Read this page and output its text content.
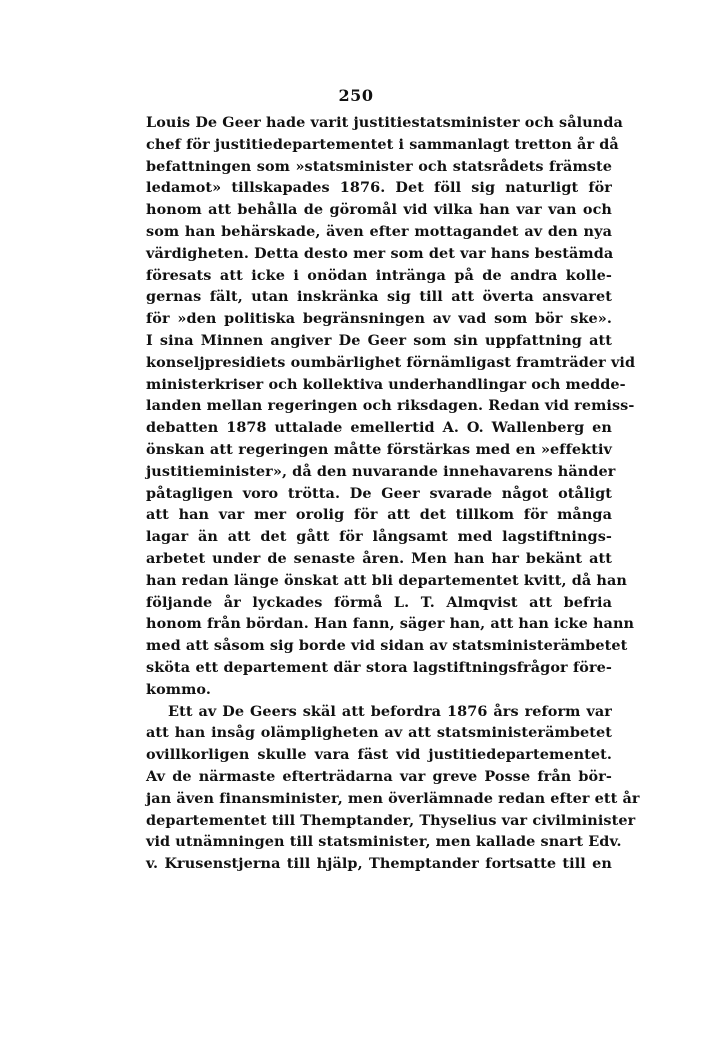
250
Louis De Geer hade varit justitiestatsminister och sålunda
chef för justitiedepartementet i sammanlagt tretton år då
befattningen som »statsminister och statsrådets främste
ledamot» tillskapades 1876. Det föll sig naturligt för
honom att behålla de göromål vid vilka han var van och
som han behärskade, även efter mottagandet av den nya
värdigheten. Detta desto mer som det var hans bestämda
föresats att icke i onödan intränga på de andra kolle-
gernas fält, utan inskränka sig till att överta ansvaret
för »den politiska begränsningen av vad som bör ske».
I sina Minnen angiver De Geer som sin uppfattning att
konseljpresidiets oumbärlighet förnämligast framträder vid
ministerkriser och kollektiva underhandlingar och medde-
landen mellan regeringen och riksdagen. Redan vid remiss-
debatten 1878 uttalade emellertid A. O. Wallenberg en
önskan att regeringen måtte förstärkas med en »effektiv
justitieminister», då den nuvarande innehavarens händer
påtagligen voro trötta. De Geer svarade något otåligt
att han var mer orolig för att det tillkom för många
lagar än att det gått för långsamt med lagstiftnings-
arbetet under de senaste åren. Men han har bekänt att
han redan länge önskat att bli departementet kvitt, då han
följande år lyckades förmå L. T. Almqvist att befria
honom från bördan. Han fann, säger han, att han icke hann
med att såsom sig borde vid sidan av statsministerämbetet
sköta ett departement där stora lagstiftningsfrågor före-
kommo.
Ett av De Geers skäl att befordra 1876 års reform var
att han insåg olämpligheten av att statsministerämbetet
ovillkorligen skulle vara fäst vid justitiedepartementet.
Av de närmaste efterträdarna var greve Posse från bör-
jan även finansminister, men överlämnade redan efter ett år
departementet till Themptander, Thyselius var civilminister
vid utnämningen till statsminister, men kallade snart Edv.
v. Krusenstjerna till hjälp, Themptander fortsatte till en
